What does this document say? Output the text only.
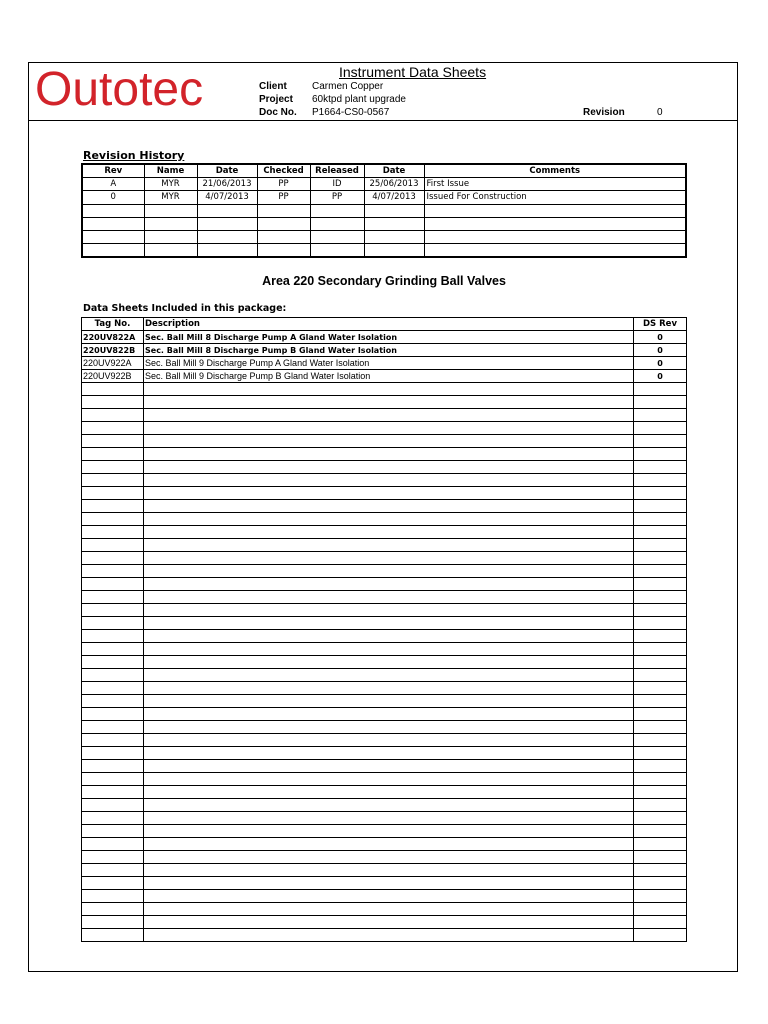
Outotec	Instrument Data Sheets
Client	Carmen Copper
Project 60ktpd plant upgrade
Doc No. P1664-CS0-0567	Revision	0
Revision History
Rev	Name	Date	Checked	Released	Date	Comments
A	MYR	21/06/2013	PP	ID	25/06/2013	First Issue
0	MYR	4/07/2013	PP	PP	4/07/2013	Issued For Construction

Area 220 Secondary Grinding Ball Valves
Data Sheets Included in this package:
Tag No.	Description	DS Rev
220UV822A	Sec. Ball Mill 8 Discharge Pump A Gland Water Isolation	0
220UV822B	Sec. Ball Mill 8 Discharge Pump B Gland Water Isolation	0
220UV922A	Sec. Ball Mill 9 Discharge Pump A Gland Water Isolation	0
220UV922B	Sec. Ball Mill 9 Discharge Pump B Gland Water Isolation	0
